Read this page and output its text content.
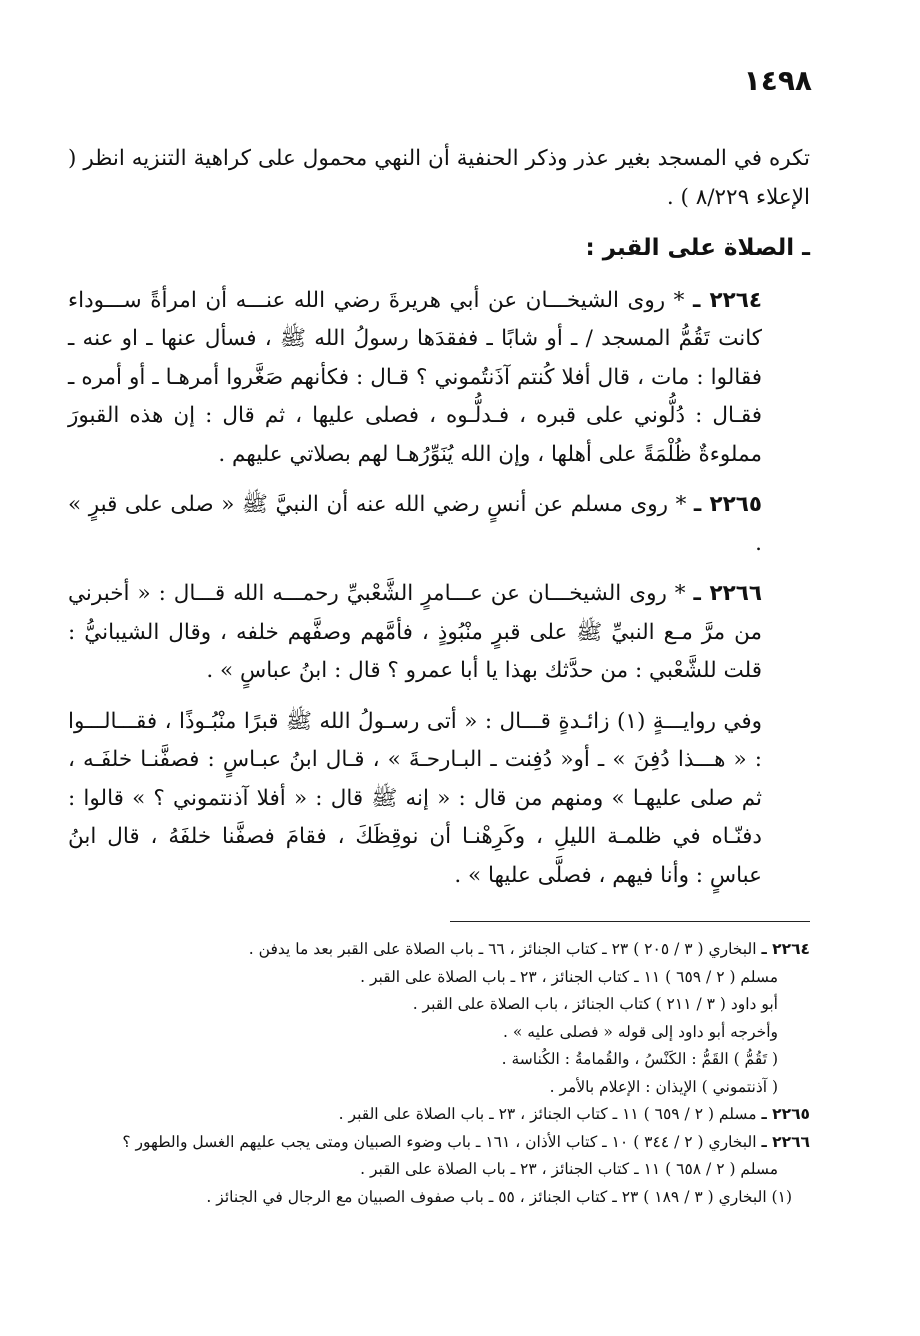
١٤٩٨

تكره في المسجد بغير عذر وذكر الحنفية أن النهي محمول على كراهية التنزيه انظر ( الإعلاء ٨/٢٢٩ ) .

ـ الصلاة على القبر :

٢٢٦٤ ـ * روى الشيخـــان عن أبي هريرةَ رضي الله عنـــه أن امرأةً ســـوداء كانت تَقُمُّ المسجد / ـ أو شابًا ـ ففقدَها رسولُ الله ﷺ ، فسأل عنها ـ او عنه ـ فقالوا : مات ، قال أفلا كُنتم آذَنتُموني ؟ قـال : فكأنهم صَغَّروا أمرهـا ـ أو أمره ـ فقـال : دُلُّوني على قبره ، فـدلُّـوه ، فصلى عليها ، ثم قال : إن هذه القبورَ مملوءةٌ ظُلْمَةً على أهلها ، وإن الله يُنَوِّرُهـا لهم بصلاتي عليهم .

٢٢٦٥ ـ * روى مسلم عن أنسٍ رضي الله عنه أن النبيَّ ﷺ « صلى على قبرٍ » .

٢٢٦٦ ـ * روى الشيخـــان عن عـــامرٍ الشَّعْبيِّ رحمـــه الله قـــال : « أخبرني من مرَّ مـع النبيِّ ﷺ على قبرٍ منْبُوذٍ ، فأمَّهم وصفَّهم خلفه ، وقال الشيبانيُّ : قلت للشَّعْبي : من حدَّثك بهذا يا أبا عمرو ؟ قال : ابنُ عباسٍ » .

وفي روايـــةٍ (١) زائـدةٍ قـــال : « أتى رسـولُ الله ﷺ قبرًا منْبُـوذًا ، فقـــالـــوا : « هـــذا دُفِنَ » ـ أو« دُفِنت ـ البـارحـةَ » ، قـال ابنُ عبـاسٍ : فصفَّنـا خلفَـه ، ثم صلى عليهـا » ومنهم من قال : « إنه ﷺ قال : « أفلا آذنتموني ؟ » قالوا : دفنّـاه في ظلمـة الليلِ ، وكَرِهْنـا أن نوقِظَكَ ، فقامَ فصفَّنا خلفَهُ ، قال ابنُ عباسٍ : وأنا فيهم ، فصلَّى عليها » .

٢٢٦٤ ـ البخاري ( ٣ / ٢٠٥ ) ٢٣ ـ كتاب الجنائز ، ٦٦ ـ باب الصلاة على القبر بعد ما يدفن .
مسلم ( ٢ / ٦٥٩ ) ١١ ـ كتاب الجنائز ، ٢٣ ـ باب الصلاة على القبر .
أبو داود ( ٣ / ٢١١ ) كتاب الجنائز ، باب الصلاة على القبر .
وأخرجه أبو داود إلى قوله « فصلى عليه » .
( تَقُمُّ ) القَمُّ : الكَنْسُ ، والقُمامةُ : الكُناسة .
( آذنتموني ) الإيذان : الإعلام بالأمر .
٢٢٦٥ ـ مسلم ( ٢ / ٦٥٩ ) ١١ ـ كتاب الجنائز ، ٢٣ ـ باب الصلاة على القبر .
٢٢٦٦ ـ البخاري ( ٢ / ٣٤٤ ) ١٠ ـ كتاب الأذان ، ١٦١ ـ باب وضوء الصبيان ومتى يجب عليهم الغسل والطهور ؟
مسلم ( ٢ / ٦٥٨ ) ١١ ـ كتاب الجنائز ، ٢٣ ـ باب الصلاة على القبر .
(١) البخاري ( ٣ / ١٨٩ ) ٢٣ ـ كتاب الجنائز ، ٥٥ ـ باب صفوف الصبيان مع الرجال في الجنائز .
